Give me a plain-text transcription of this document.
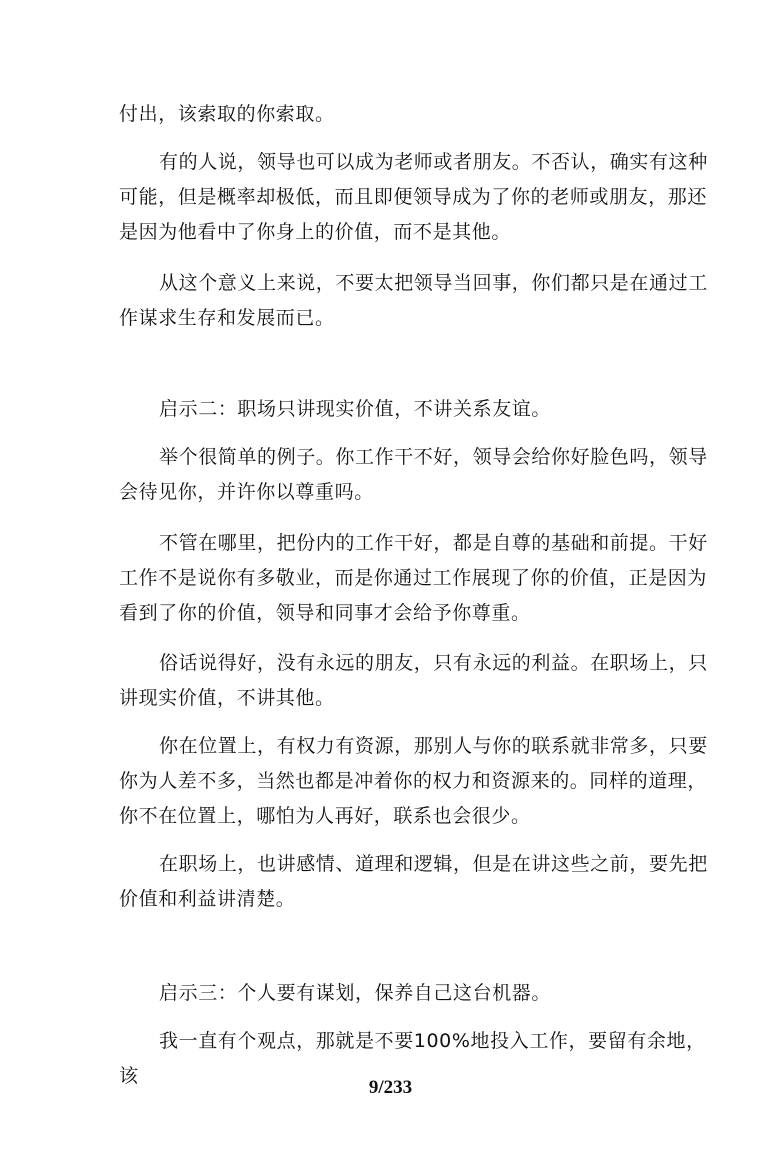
付出，该索取的你索取。

有的人说，领导也可以成为老师或者朋友。不否认，确实有这种可能，但是概率却极低，而且即便领导成为了你的老师或朋友，那还是因为他看中了你身上的价值，而不是其他。

从这个意义上来说，不要太把领导当回事，你们都只是在通过工作谋求生存和发展而已。

启示二：职场只讲现实价值，不讲关系友谊。

举个很简单的例子。你工作干不好，领导会给你好脸色吗，领导会待见你，并许你以尊重吗。

不管在哪里，把份内的工作干好，都是自尊的基础和前提。干好工作不是说你有多敬业，而是你通过工作展现了你的价值，正是因为看到了你的价值，领导和同事才会给予你尊重。

俗话说得好，没有永远的朋友，只有永远的利益。在职场上，只讲现实价值，不讲其他。

你在位置上，有权力有资源，那别人与你的联系就非常多，只要你为人差不多，当然也都是冲着你的权力和资源来的。同样的道理，你不在位置上，哪怕为人再好，联系也会很少。

在职场上，也讲感情、道理和逻辑，但是在讲这些之前，要先把价值和利益讲清楚。

启示三：个人要有谋划，保养自己这台机器。

我一直有个观点，那就是不要100%地投入工作，要留有余地，该

9/233
